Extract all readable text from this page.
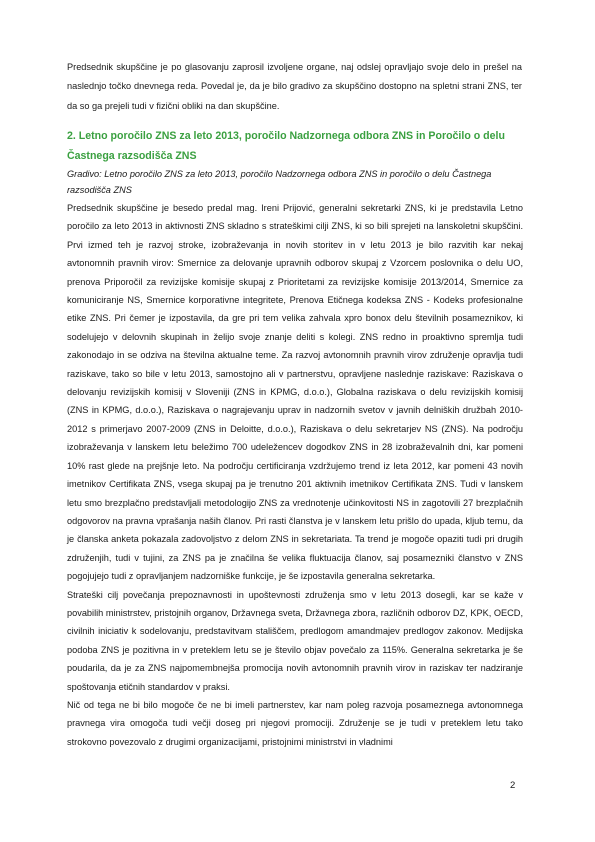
Predsednik skupščine je po glasovanju zaprosil izvoljene organe, naj odslej opravljajo svoje delo in prešel na naslednjo točko dnevnega reda. Povedal je, da je bilo gradivo za skupščino dostopno na spletni strani ZNS, ter da so ga prejeli tudi v fizični obliki na dan skupščine.
2. Letno poročilo ZNS za leto 2013, poročilo Nadzornega odbora ZNS in Poročilo o delu Častnega razsodišča ZNS
Gradivo: Letno poročilo ZNS za leto 2013, poročilo Nadzornega odbora ZNS in poročilo o delu Častnega razsodišča ZNS

Predsednik skupščine je besedo predal mag. Ireni Prijović, generalni sekretarki ZNS, ki je predstavila Letno poročilo za leto 2013 in aktivnosti ZNS skladno s strateškimi cilji ZNS, ki so bili sprejeti na lanskoletni skupščini. Prvi izmed teh je razvoj stroke, izobraževanja in novih storitev in v letu 2013 je bilo razvitih kar nekaj avtonomnih pravnih virov: Smernice za delovanje upravnih odborov skupaj z Vzorcem poslovnika o delu UO, prenova Priporočil za revizijske komisije skupaj z Prioritetami za revizijske komisije 2013/2014, Smernice za komuniciranje NS, Smernice korporativne integritete, Prenova Etičnega kodeksa ZNS - Kodeks profesionalne etike ZNS. Pri čemer je izpostavila, da gre pri tem velika zahvala xpro bonox delu številnih posameznikov, ki sodelujejo v delovnih skupinah in želijo svoje znanje deliti s kolegi. ZNS redno in proaktivno spremlja tudi zakonodajo in se odziva na številna aktualne teme. Za razvoj avtonomnih pravnih virov združenje opravlja tudi raziskave, tako so bile v letu 2013, samostojno ali v partnerstvu, opravljene naslednje raziskave: Raziskava o delovanju revizijskih komisij v Sloveniji (ZNS in KPMG, d.o.o.), Globalna raziskava o delu revizijskih komisij (ZNS in KPMG, d.o.o.), Raziskava o nagrajevanju uprav in nadzornih svetov v javnih delniških družbah 2010-2012 s primerjavo 2007-2009 (ZNS in Deloitte, d.o.o.), Raziskava o delu sekretarjev NS (ZNS). Na področju izobraževanja v lanskem letu beležimo 700 udeležencev dogodkov ZNS in 28 izobraževalnih dni, kar pomeni 10% rast glede na prejšnje leto. Na področju certificiranja vzdržujemo trend iz leta 2012, kar pomeni 43 novih imetnikov Certifikata ZNS, vsega skupaj pa je trenutno 201 aktivnih imetnikov Certifikata ZNS. Tudi v lanskem letu smo brezplačno predstavljali metodologijo ZNS za vrednotenje učinkovitosti NS in zagotovili 27 brezplačnih odgovorov na pravna vprašanja naših članov. Pri rasti članstva je v lanskem letu prišlo do upada, kljub temu, da je članska anketa pokazala zadovoljstvo z delom ZNS in sekretariata. Ta trend je mogoče opaziti tudi pri drugih združenjih, tudi v tujini, za ZNS pa je značilna še velika fluktuacija članov, saj posamezniki članstvo v ZNS pogojujejo tudi z opravljanjem nadzorniške funkcije, je še izpostavila generalna sekretarka.

Strateški cilj povečanja prepoznavnosti in upoštevnosti združenja smo v letu 2013 dosegli, kar se kaže v povabilih ministrstev, pristojnih organov, Državnega sveta, Državnega zbora, različnih odborov DZ, KPK, OECD, civilnih iniciativ k sodelovanju, predstavitvam stališčem, predlogom amandmajev predlogov zakonov. Medijska podoba ZNS je pozitivna in v preteklem letu se je število objav povečalo za 115%. Generalna sekretarka je še poudarila, da je za ZNS najpomembnejša promocija novih avtonomnih pravnih virov in raziskav ter nadziranje spoštovanja etičnih standardov v praksi.

Nič od tega ne bi bilo mogoče če ne bi imeli partnerstev, kar nam poleg razvoja posameznega avtonomnega pravnega vira omogoča tudi večji doseg pri njegovi promociji. Združenje se je tudi v preteklem letu tako strokovno povezovalo z drugimi organizacijami, pristojnimi ministrstvi in vladnimi

2
